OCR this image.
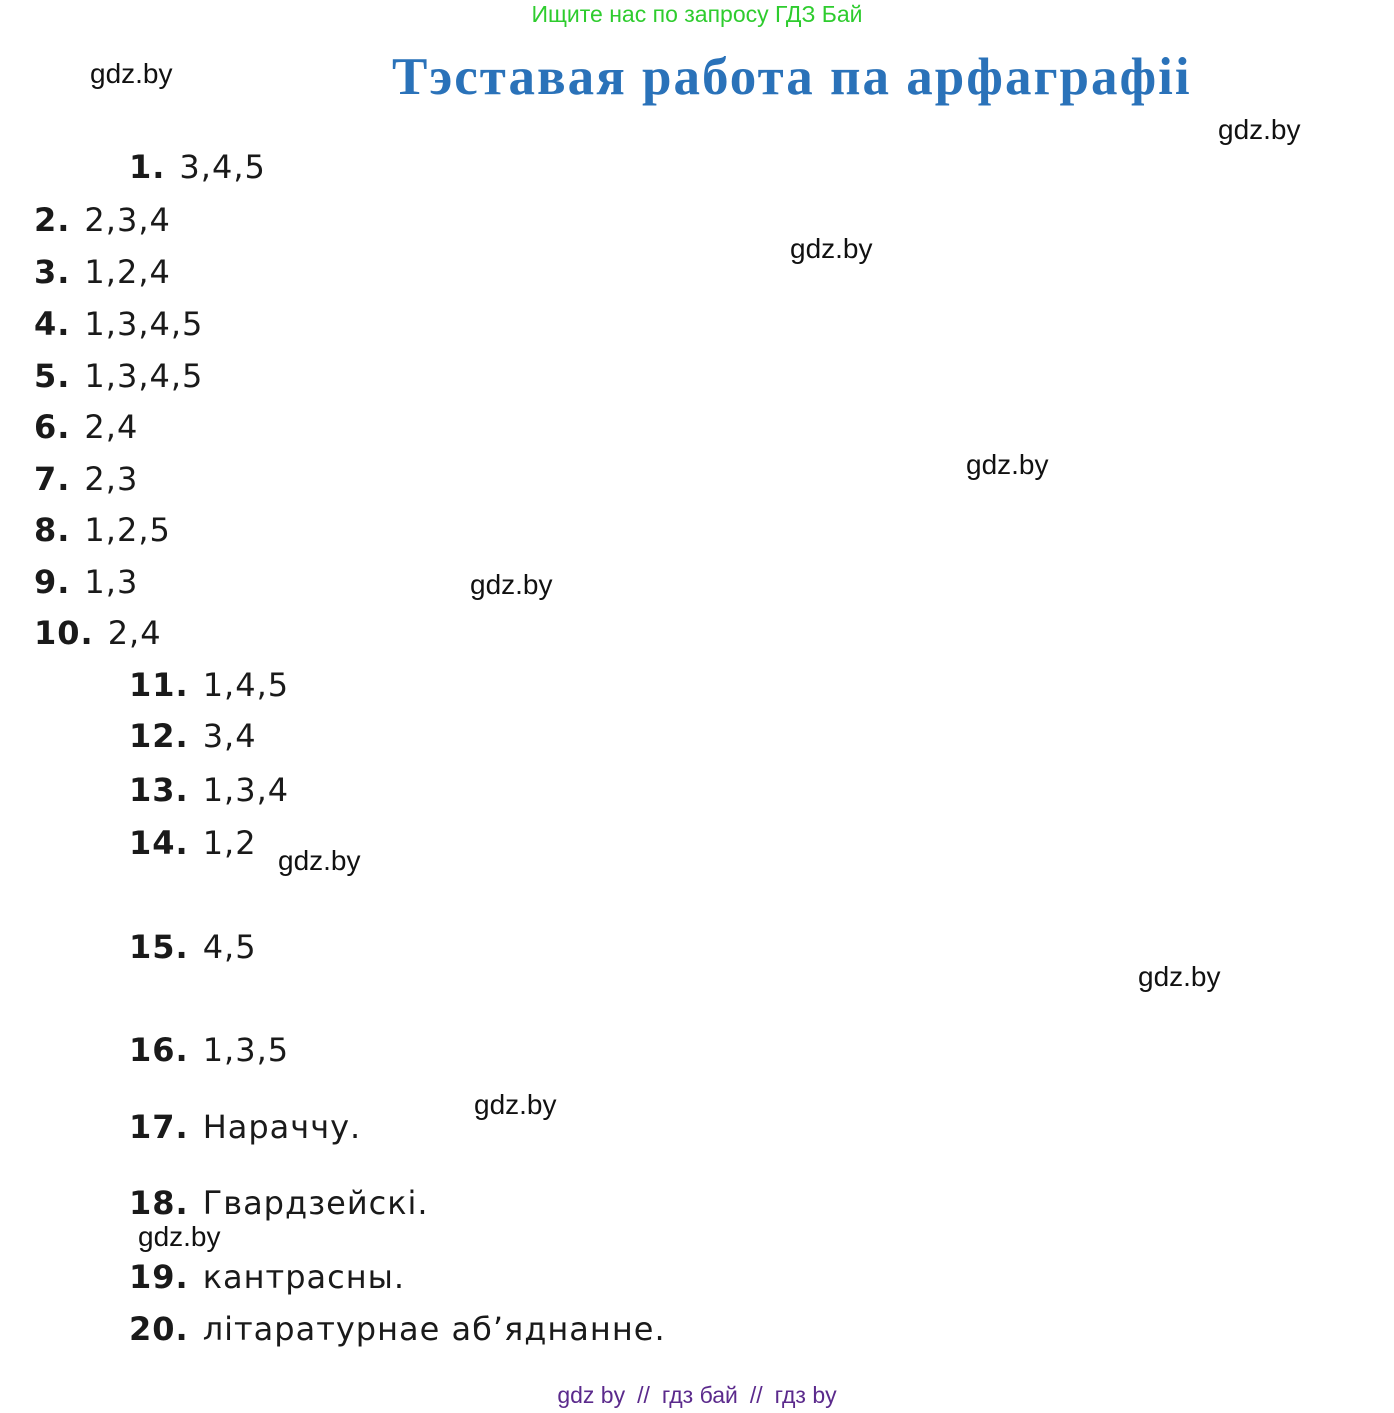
Ищите нас по запросу ГДЗ Бай
Тэставая работа па арфаграфіі
gdz.by
gdz.by
gdz.by
gdz.by
gdz.by
gdz.by
gdz.by
gdz.by
gdz.by
1. 3,4,5
2. 2,3,4
3. 1,2,4
4. 1,3,4,5
5. 1,3,4,5
6. 2,4
7. 2,3
8. 1,2,5
9. 1,3
10. 2,4
11. 1,4,5
12. 3,4
13. 1,3,4
14. 1,2
15. 4,5
16. 1,3,5
17. Нараччу.
18. Гвардзейскі.
19. кантрасны.
20. літаратурнае аб’яднанне.
gdz by // гдз бай // гдз by
